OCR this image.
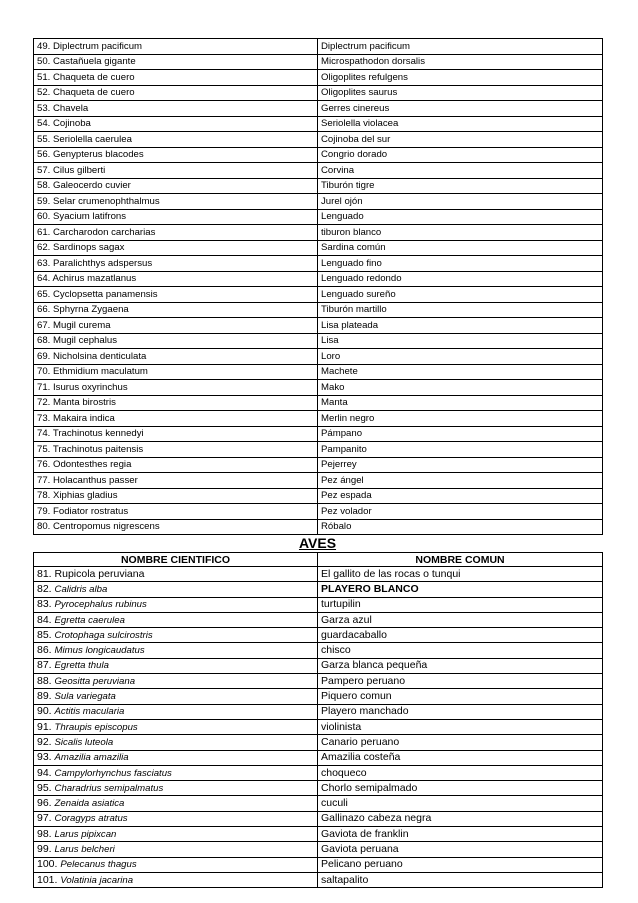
49. Diplectrum pacificum	Diplectrum pacificum
50. Castañuela gigante	Microspathodon dorsalis
51. Chaqueta de cuero	Oligoplites refulgens
52. Chaqueta de cuero	Oligoplites saurus
53. Chavela	Gerres cinereus
54. Cojinoba	Seriolella violacea
55. Seriolella caerulea	Cojinoba del sur
56. Genypterus blacodes	Congrio dorado
57. Cilus gilberti	Corvina
58. Galeocerdo cuvier	Tiburón tigre
59. Selar crumenophthalmus	Jurel ojón
60. Syacium latifrons	Lenguado
61. Carcharodon carcharias	tiburon blanco
62. Sardinops sagax	Sardina común
63. Paralichthys adspersus	Lenguado fino
64. Achirus mazatlanus	Lenguado redondo
65. Cyclopsetta panamensis	Lenguado sureño
66. Sphyrna Zygaena	Tiburón martillo
67. Mugil curema	Lisa plateada
68. Mugil cephalus	Lisa
69. Nicholsina denticulata	Loro
70. Ethmidium maculatum	Machete
71. Isurus oxyrinchus	Mako
72. Manta birostris	Manta
73. Makaira indica	Merlin negro
74. Trachinotus kennedyi	Pámpano
75. Trachinotus paitensis	Pampanito
76. Odontesthes regia	Pejerrey
77. Holacanthus passer	Pez ángel
78. Xiphias gladius	Pez espada
79. Fodiator rostratus	Pez volador
80. Centropomus nigrescens	Róbalo
AVES
NOMBRE CIENTIFICO	NOMBRE COMUN
81. Rupicola peruviana	El gallito de las rocas o tunqui
82. Calidris alba	PLAYERO BLANCO
83. Pyrocephalus rubinus	turtupilin
84. Egretta caerulea	Garza azul
85. Crotophaga sulcirostris	guardacaballo
86. Mimus longicaudatus	chisco
87. Egretta thula	Garza blanca pequeña
88. Geositta peruviana	Pampero peruano
89. Sula variegata	Piquero comun
90. Actitis macularia	Playero manchado
91. Thraupis episcopus	violinista
92. Sicalis luteola	Canario peruano
93. Amazilia amazilia	Amazilia costeña
94. Campylorhynchus fasciatus	choqueco
95. Charadrius semipalmatus	Chorlo semipalmado
96. Zenaida asiatica	cuculi
97. Coragyps atratus	Gallinazo cabeza negra
98. Larus pipixcan	Gaviota de franklin
99. Larus belcheri	Gaviota peruana
100. Pelecanus thagus	Pelicano peruano
101. Volatinia jacarina	saltapalito
